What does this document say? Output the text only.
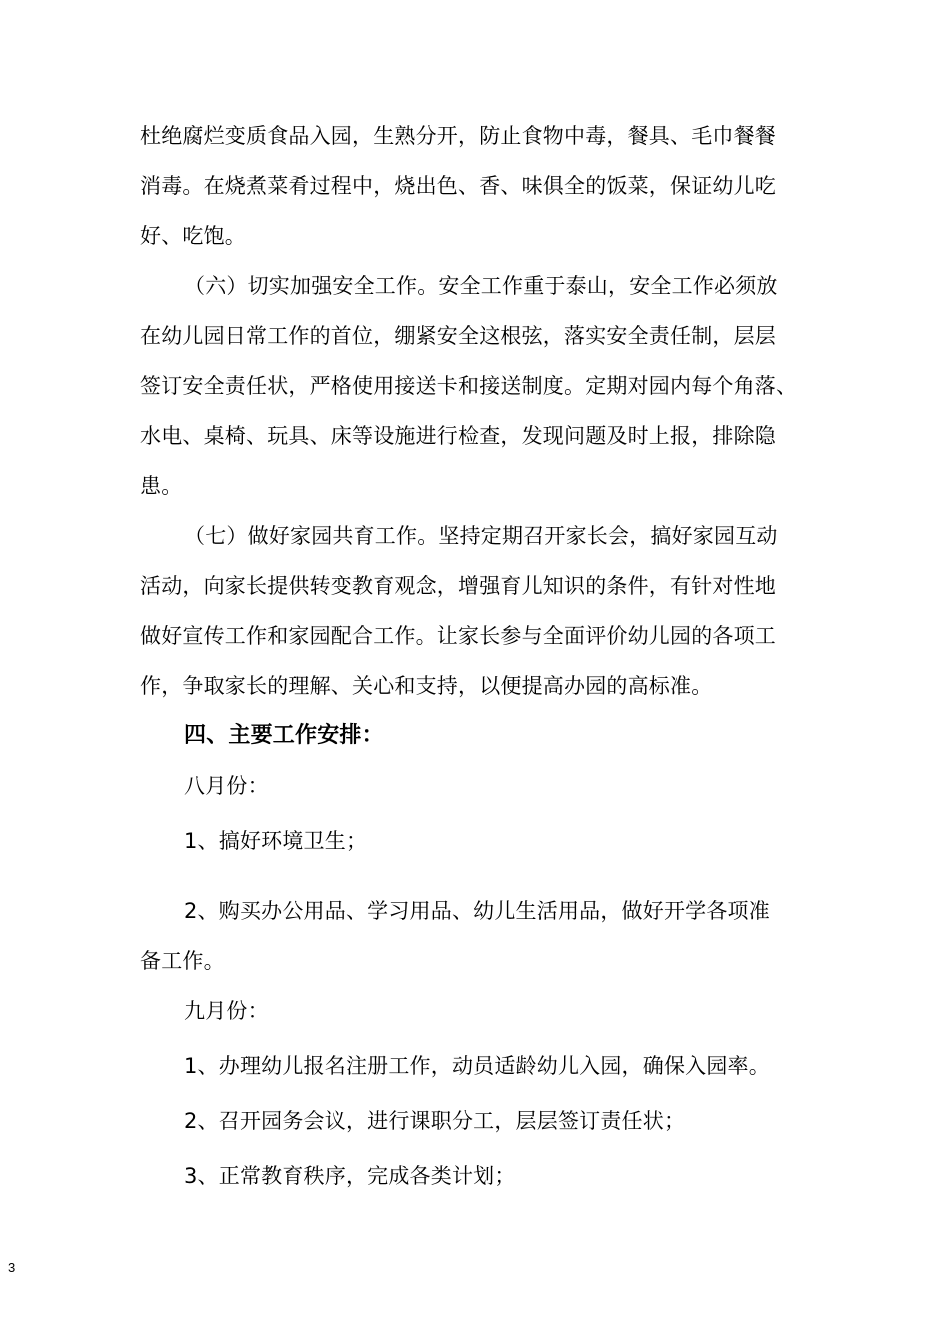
杜绝腐烂变质食品入园，生熟分开，防止食物中毒，餐具、毛巾餐餐
消毒。在烧煮菜肴过程中，烧出色、香、味俱全的饭菜，保证幼儿吃
好、吃饱。
（六）切实加强安全工作。安全工作重于泰山，安全工作必须放
在幼儿园日常工作的首位，绷紧安全这根弦，落实安全责任制，层层
签订安全责任状，严格使用接送卡和接送制度。定期对园内每个角落、
水电、桌椅、玩具、床等设施进行检查，发现问题及时上报，排除隐
患。
（七）做好家园共育工作。坚持定期召开家长会，搞好家园互动
活动，向家长提供转变教育观念，增强育儿知识的条件，有针对性地
做好宣传工作和家园配合工作。让家长参与全面评价幼儿园的各项工
作，争取家长的理解、关心和支持，以便提高办园的高标准。
四、主要工作安排：
八月份：
1、搞好环境卫生；
2、购买办公用品、学习用品、幼儿生活用品，做好开学各项准
备工作。
九月份：
1、办理幼儿报名注册工作，动员适龄幼儿入园，确保入园率。
2、召开园务会议，进行课职分工，层层签订责任状；
3、正常教育秩序，完成各类计划；
3
